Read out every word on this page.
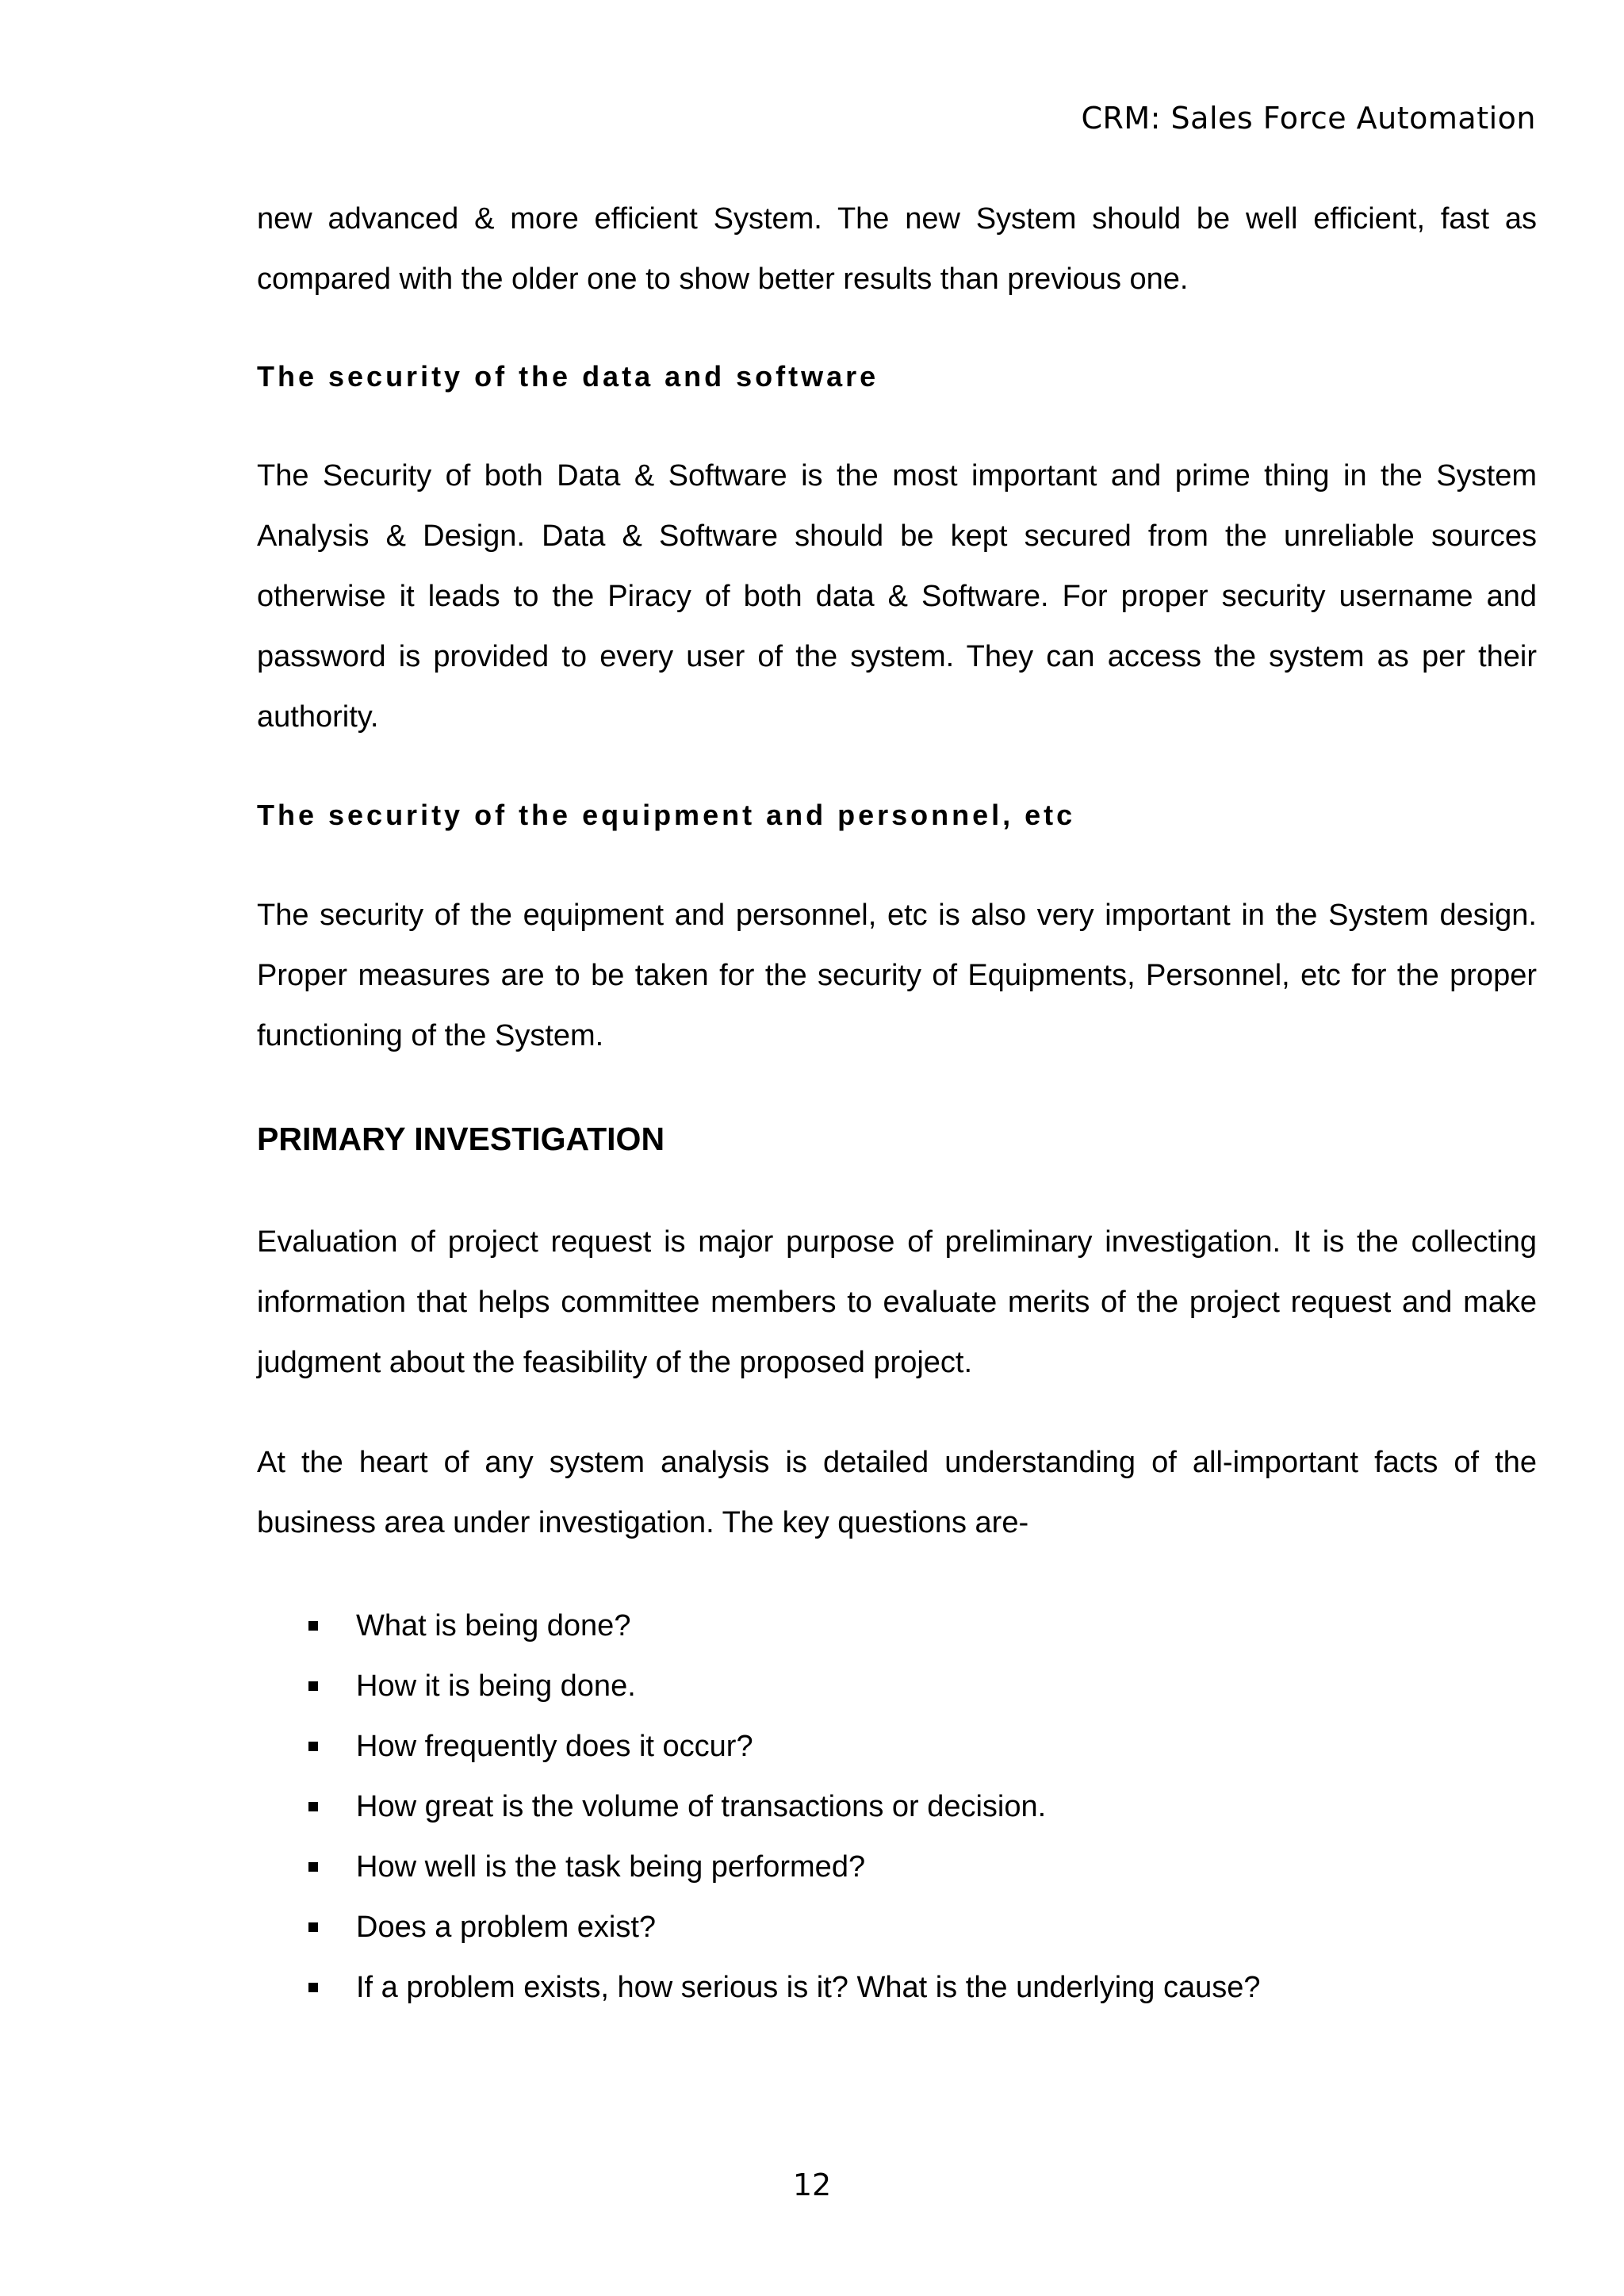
CRM: Sales Force Automation

new advanced & more efficient System. The new System should be well efficient, fast as compared with the older one to show better results than previous one.

The security of the data and software

The Security of both Data & Software is the most important and prime thing in the System Analysis & Design. Data & Software should be kept secured from the unreliable sources otherwise it leads to the Piracy of both data & Software. For proper security username and password is provided to every user of the system. They can access the system as per their authority.

The security of the equipment and personnel, etc

The security of the equipment and personnel, etc is also very important in the System design. Proper measures are to be taken for the security of Equipments, Personnel, etc for the proper functioning of the System.

PRIMARY INVESTIGATION

Evaluation of project request is major purpose of preliminary investigation. It is the collecting information that helps committee members to evaluate merits of the project request and make judgment about the feasibility of the proposed project.

At the heart of any system analysis is detailed understanding of all-important facts of the business area under investigation. The key questions are-

What is being done?
How it is being done.
How frequently does it occur?
How great is the volume of transactions or decision.
How well is the task being performed?
Does a problem exist?
If a problem exists, how serious is it? What is the underlying cause?
12
